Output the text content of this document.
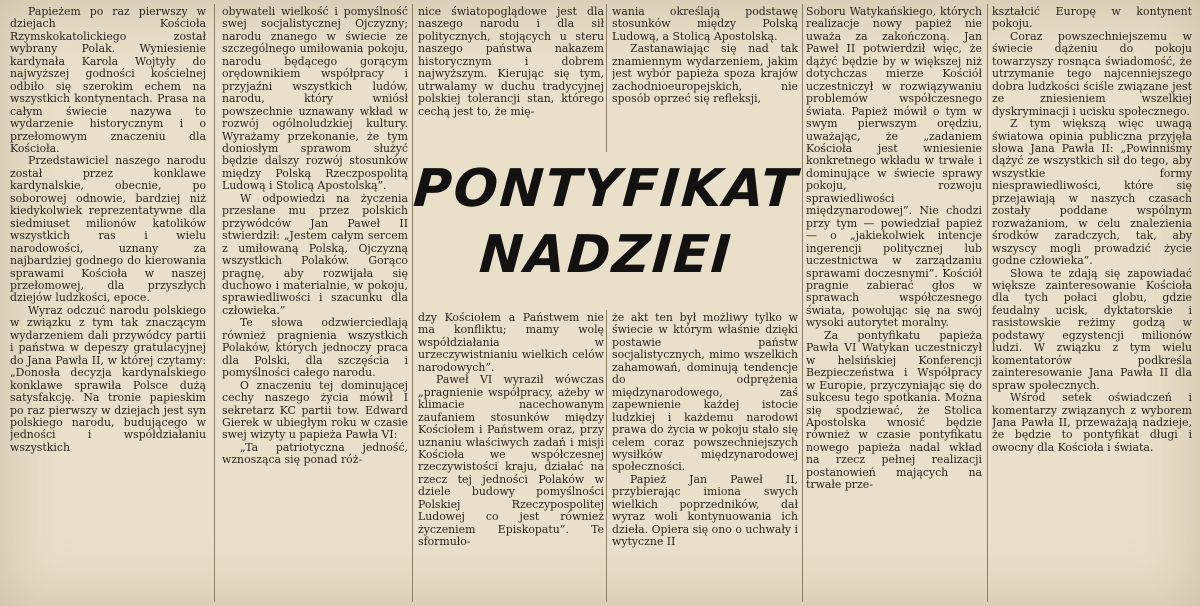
Papieżem po raz pierwszy w dziejach Kościoła Rzymskokatolickiego został wybrany Polak. Wyniesienie kardynała Karola Wojtyły do najwyższej godności kościelnej odbiło się szerokim echem na wszystkich kontynentach. Prasa na całym świecie nazywa to wydarzenie historycznym i o przełomowym znaczeniu dla Kościoła.

Przedstawiciel naszego narodu został przez konklawe kardynalskie, obecnie, po soborowej odnowie, bardziej niż kiedykolwiek reprezentatywne dla siedmiuset milionów katolików wszystkich ras i wielu narodowości, uznany za najbardziej godnego do kierowania sprawami Kościoła w naszej przełomowej, dla przyszłych dziejów ludzkości, epoce.

Wyraz odczuć narodu polskiego w związku z tym tak znaczącym wydarzeniem dali przywódcy partii i państwa w depeszy gratulacyjnej do Jana Pawła II, w której czytamy: „Donosła decyzja kardynalskiego konklawe sprawiła Polsce dużą satysfakcję. Na tronie papieskim po raz pierwszy w dziejach jest syn polskiego narodu, budującego w jedności i współdziałaniu wszystkich

obywateli wielkość i pomyślność swej socjalistycznej Ojczyzny; narodu znanego w świecie ze szczególnego umiłowania pokoju, narodu będącego gorącym orędownikiem współpracy i przyjaźni wszystkich ludów, narodu, który wniósł powszechnie uznawany wkład w rozwój ogólnoludzkiej kultury. Wyrażamy przekonanie, że tym doniosłym sprawom służyć będzie dalszy rozwój stosunków między Polską Rzeczpospolitą Ludową i Stolicą Apostolską”.

W odpowiedzi na życzenia przesłane mu przez polskich przywódców Jan Paweł II stwierdził: „Jestem całym sercem z umiłowaną Polską, Ojczyzną wszystkich Polaków. Gorąco pragnę, aby rozwijała się duchowo i materialnie, w pokoju, sprawiedliwości i szacunku dla człowieka.”

Te słowa odzwierciedlają również pragnienia wszystkich Polaków, których jednoczy praca dla Polski, dla szczęścia i pomyślności całego narodu.

O znaczeniu tej dominującej cechy naszego życia mówił I sekretarz KC partii tow. Edward Gierek w ubiegłym roku w czasie swej wizyty u papieża Pawła VI:

„Ta patriotyczna jedność, wznosząca się ponad róż-

nice światopoglądowe jest dla naszego narodu i dla sił politycznych, stojących u steru naszego państwa nakazem historycznym i dobrem najwyższym. Kierując się tym, utrwalamy w duchu tradycyjnej polskiej tolerancji stan, którego cechą jest to, że mię-

wania określają podstawę stosunków między Polską Ludową, a Stolicą Apostolską.

Zastanawiając się nad tak znamiennym wydarzeniem, jakim jest wybór papieża spoza krajów zachodnioeuropejskich, nie sposób oprzeć się refleksji,

PONTYFIKAT
NADZIEI

dzy Kościołem a Państwem nie ma konfliktu; mamy wolę współdziałania w urzeczywistnianiu wielkich celów narodowych”.

Paweł VI wyraził wówczas „pragnienie współpracy, ażeby w klimacie nacechowanym zaufaniem stosunków między Kościołem i Państwem oraz, przy uznaniu właściwych zadań i misji Kościoła we współczesnej rzeczywistości kraju, działać na rzecz tej jedności Polaków w dziele budowy pomyślności Polskiej Rzeczypospolitej Ludowej co jest również życzeniem Episkopatu”. Te sformuło-

że akt ten był możliwy tylko w świecie w którym właśnie dzięki postawie państw socjalistycznych, mimo wszelkich zahamowań, dominują tendencje do odprężenia międzynarodowego, zaś zapewnienie każdej istocie ludzkiej i każdemu narodowi prawa do życia w pokoju stało się celem coraz powszechniejszych wysiłków międzynarodowej społeczności.

Papież Jan Paweł II, przybierając imiona swych wielkich poprzedników, dał wyraz woli kontynuowania ich dzieła. Opiera się ono o uchwały i wytyczne II

Soboru Watykańskiego, których realizacje nowy papież nie uważa za zakończoną. Jan Paweł II potwierdził więc, że dążyć będzie by w większej niż dotychczas mierze Kościół uczestniczył w rozwiązywaniu problemów współczesnego świata. Papież mówił o tym w swym pierwszym orędziu, uważając, że „zadaniem Kościoła jest wniesienie konkretnego wkładu w trwałe i dominujące w świecie sprawy pokoju, rozwoju sprawiedliwości międzynarodowej”. Nie chodzi przy tym — powiedział papież — o „jakiekolwiek intencje ingerencji politycznej lub uczestnictwa w zarządzaniu sprawami doczesnymi”. Kościół pragnie zabierać głos w sprawach współczesnego świata, powołując się na swój wysoki autorytet moralny.

Za pontyfikatu papieża Pawła VI Watykan uczestniczył w helsińskiej Konferencji Bezpieczeństwa i Współpracy w Europie, przyczyniając się do sukcesu tego spotkania. Można się spodziewać, że Stolica Apostolska wnosić będzie również w czasie pontyfikatu nowego papieża nadal wkład na rzecz pełnej realizacji postanowień mających na trwałe prze-

kształcić Europę w kontynent pokoju.

Coraz powszechniejszemu w świecie dążeniu do pokoju towarzyszy rosnąca świadomość, że utrzymanie tego najcenniejszego dobra ludzkości ściśle związane jest ze zniesieniem wszelkiej dyskryminacji i ucisku społecznego.

Z tym większą więc uwagą światowa opinia publiczna przyjęła słowa Jana Pawła II: „Powinniśmy dążyć ze wszystkich sił do tego, aby wszystkie formy niesprawiedliwości, które się przejawiają w naszych czasach zostały poddane wspólnym rozważaniom, w celu znalezienia środków zaradczych, tak, aby wszyscy mogli prowadzić życie godne człowieka”.

Słowa te zdają się zapowiadać większe zainteresowanie Kościoła dla tych połaci globu, gdzie feudalny ucisk, dyktatorskie i rasistowskie reżimy godzą w podstawy egzystencji milionów ludzi. W związku z tym wielu komentatorów podkreśla zainteresowanie Jana Pawła II dla spraw społecznych.

Wśród setek oświadczeń i komentarzy związanych z wyborem Jana Pawła II, przeważają nadzieje, że będzie to pontyfikat długi i owocny dla Kościoła i świata.
